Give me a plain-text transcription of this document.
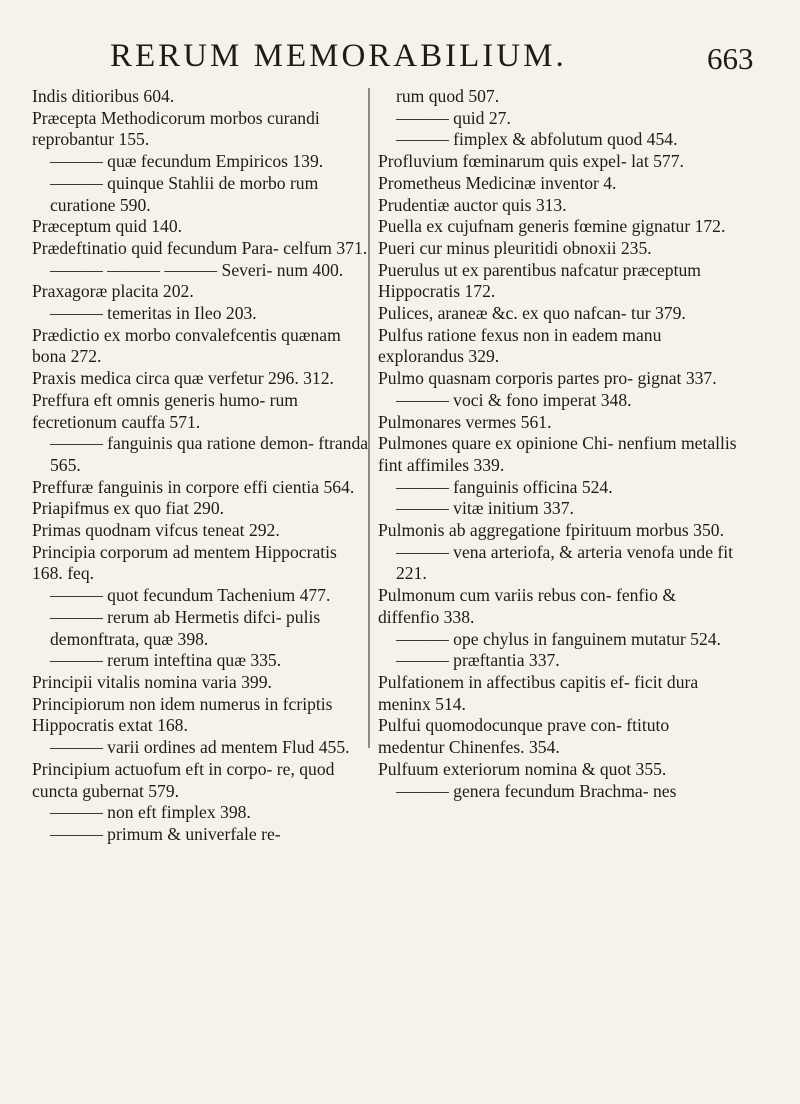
RERUM MEMORABILIUM.	663
Indis ditioribus 604.
Præcepta Methodicorum morbos curandi reprobantur 155.
——— quæ fecundum Empiricos 139.
——— quinque Stahlii de morbo rum curatione 590.
Præceptum quid 140.
Prædeftinatio quid fecundum Para- celfum 371.
——— ——— ——— Severi- num 400.
Praxagoræ placita 202.
——— temeritas in Ileo 203.
Prædictio ex morbo convalefcentis quænam bona 272.
Praxis medica circa quæ verfetur 296. 312.
Preffura eft omnis generis humo- rum fecretionum cauffa 571.
——— fanguinis qua ratione demon- ftranda 565.
Preffuræ fanguinis in corpore effi cientia 564.
Priapifmus ex quo fiat 290.
Primas quodnam vifcus teneat 292.
Principia corporum ad mentem Hippocratis 168. feq.
——— quot fecundum Tachenium 477.
——— rerum ab Hermetis difci- pulis demonftrata, quæ 398.
——— rerum inteftina quæ 335.
Principii vitalis nomina varia 399.
Principiorum non idem numerus in fcriptis Hippocratis extat 168.
——— varii ordines ad mentem Flud 455.
Principium actuofum eft in corpo- re, quod cuncta gubernat 579.
——— non eft fimplex 398.
——— primum & univerfale re-
rum quod 507.
——— quid 27.
——— fimplex & abfolutum quod 454.
Profluvium fœminarum quis expel- lat 577.
Prometheus Medicinæ inventor 4.
Prudentiæ auctor quis 313.
Puella ex cujufnam generis fœmine gignatur 172.
Pueri cur minus pleuritidi obnoxii 235.
Puerulus ut ex parentibus nafcatur præceptum Hippocratis 172.
Pulices, araneæ &c. ex quo nafcan- tur 379.
Pulfus ratione fexus non in eadem manu explorandus 329.
Pulmo quasnam corporis partes pro- gignat 337.
——— voci & fono imperat 348.
Pulmonares vermes 561.
Pulmones quare ex opinione Chi- nenfium metallis fint affimiles 339.
——— fanguinis officina 524.
——— vitæ initium 337.
Pulmonis ab aggregatione fpirituum morbus 350.
——— vena arteriofa, & arteria venofa unde fit 221.
Pulmonum cum variis rebus con- fenfio & diffenfio 338.
——— ope chylus in fanguinem mutatur 524.
——— præftantia 337.
Pulfationem in affectibus capitis ef- ficit dura meninx 514.
Pulfui quomodocunque prave con- ftituto medentur Chinenfes. 354.
Pulfuum exteriorum nomina & quot 355.
——— genera fecundum Brachma- nes
